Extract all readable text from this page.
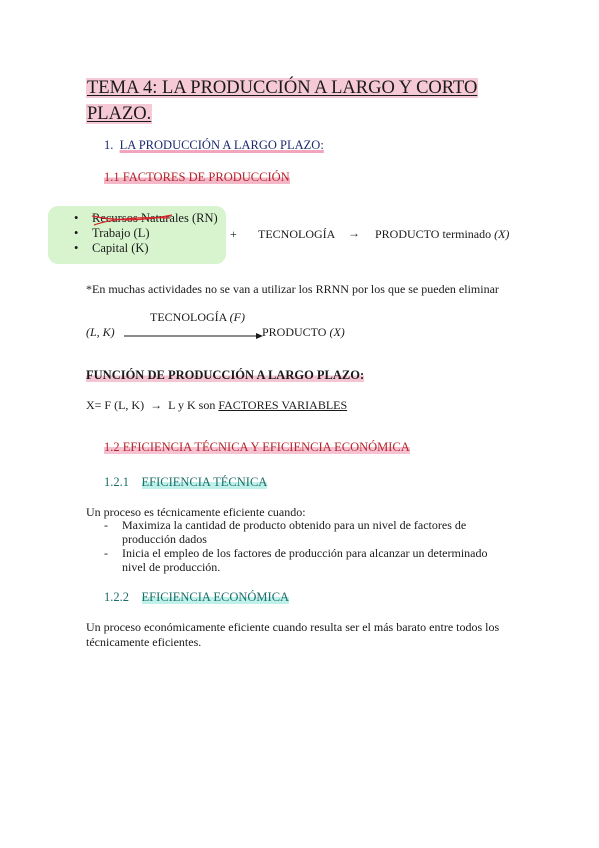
TEMA 4: LA PRODUCCIÓN A LARGO Y CORTO
PLAZO.
1. LA PRODUCCIÓN A LARGO PLAZO:
1.1 FACTORES DE PRODUCCIÓN
• Recursos Naturales (RN)
• Trabajo (L)
• Capital (K)
+ TECNOLOGÍA → PRODUCTO terminado (X)
*En muchas actividades no se van a utilizar los RRNN por los que se pueden eliminar
TECNOLOGÍA (F)
(L, K)	PRODUCTO (X)
FUNCIÓN DE PRODUCCIÓN A LARGO PLAZO:
X= F (L, K) → L y K son FACTORES VARIABLES
1.2 EFICIENCIA TÉCNICA Y EFICIENCIA ECONÓMICA
1.2.1 EFICIENCIA TÉCNICA
Un proceso es técnicamente eficiente cuando:
- Maximiza la cantidad de producto obtenido para un nivel de factores de producción dados
- Inicia el empleo de los factores de producción para alcanzar un determinado nivel de producción.
1.2.2 EFICIENCIA ECONÓMICA
Un proceso económicamente eficiente cuando resulta ser el más barato entre todos los
técnicamente eficientes.
